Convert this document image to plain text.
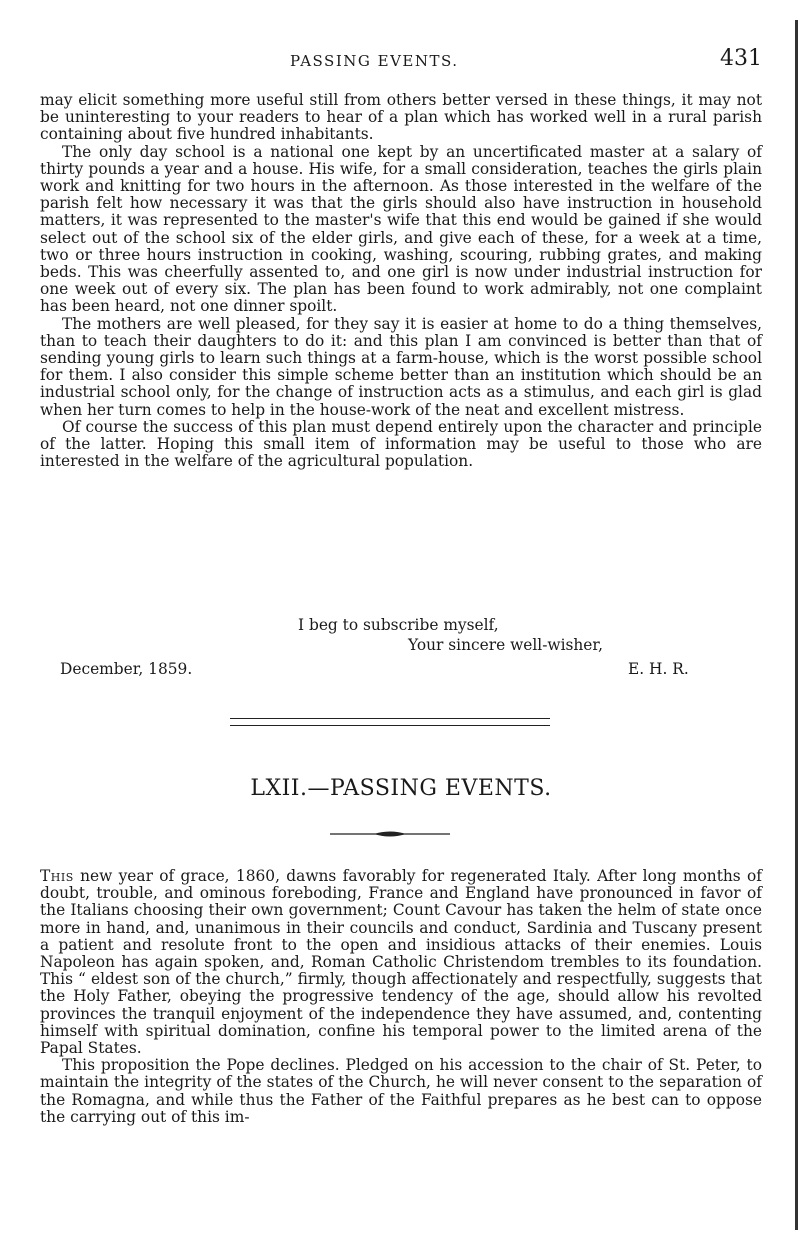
PASSING EVENTS.	431

may elicit something more useful still from others better versed in these things, it may not be uninteresting to your readers to hear of a plan which has worked well in a rural parish containing about five hundred inhabitants.

The only day school is a national one kept by an uncertificated master at a salary of thirty pounds a year and a house. His wife, for a small consideration, teaches the girls plain work and knitting for two hours in the afternoon. As those interested in the welfare of the parish felt how necessary it was that the girls should also have instruction in household matters, it was represented to the master's wife that this end would be gained if she would select out of the school six of the elder girls, and give each of these, for a week at a time, two or three hours instruction in cooking, washing, scouring, rubbing grates, and making beds. This was cheerfully assented to, and one girl is now under industrial instruction for one week out of every six. The plan has been found to work admirably, not one complaint has been heard, not one dinner spoilt.

The mothers are well pleased, for they say it is easier at home to do a thing themselves, than to teach their daughters to do it: and this plan I am convinced is better than that of sending young girls to learn such things at a farm-house, which is the worst possible school for them. I also consider this simple scheme better than an institution which should be an industrial school only, for the change of instruction acts as a stimulus, and each girl is glad when her turn comes to help in the house-work of the neat and excellent mistress.

Of course the success of this plan must depend entirely upon the character and principle of the latter. Hoping this small item of information may be useful to those who are interested in the welfare of the agricultural population.

I beg to subscribe myself,
Your sincere well-wisher,
December, 1859.	E. H. R.
LXII.—PASSING EVENTS.

This new year of grace, 1860, dawns favorably for regenerated Italy. After long months of doubt, trouble, and ominous foreboding, France and England have pronounced in favor of the Italians choosing their own government; Count Cavour has taken the helm of state once more in hand, and, unanimous in their councils and conduct, Sardinia and Tuscany present a patient and resolute front to the open and insidious attacks of their enemies. Louis Napoleon has again spoken, and, Roman Catholic Christendom trembles to its foundation. This “ eldest son of the church,” firmly, though affectionately and respectfully, suggests that the Holy Father, obeying the progressive tendency of the age, should allow his revolted provinces the tranquil enjoyment of the independence they have assumed, and, contenting himself with spiritual domination, confine his temporal power to the limited arena of the Papal States.

This proposition the Pope declines. Pledged on his accession to the chair of St. Peter, to maintain the integrity of the states of the Church, he will never consent to the separation of the Romagna, and while thus the Father of the Faithful prepares as he best can to oppose the carrying out of this im-
